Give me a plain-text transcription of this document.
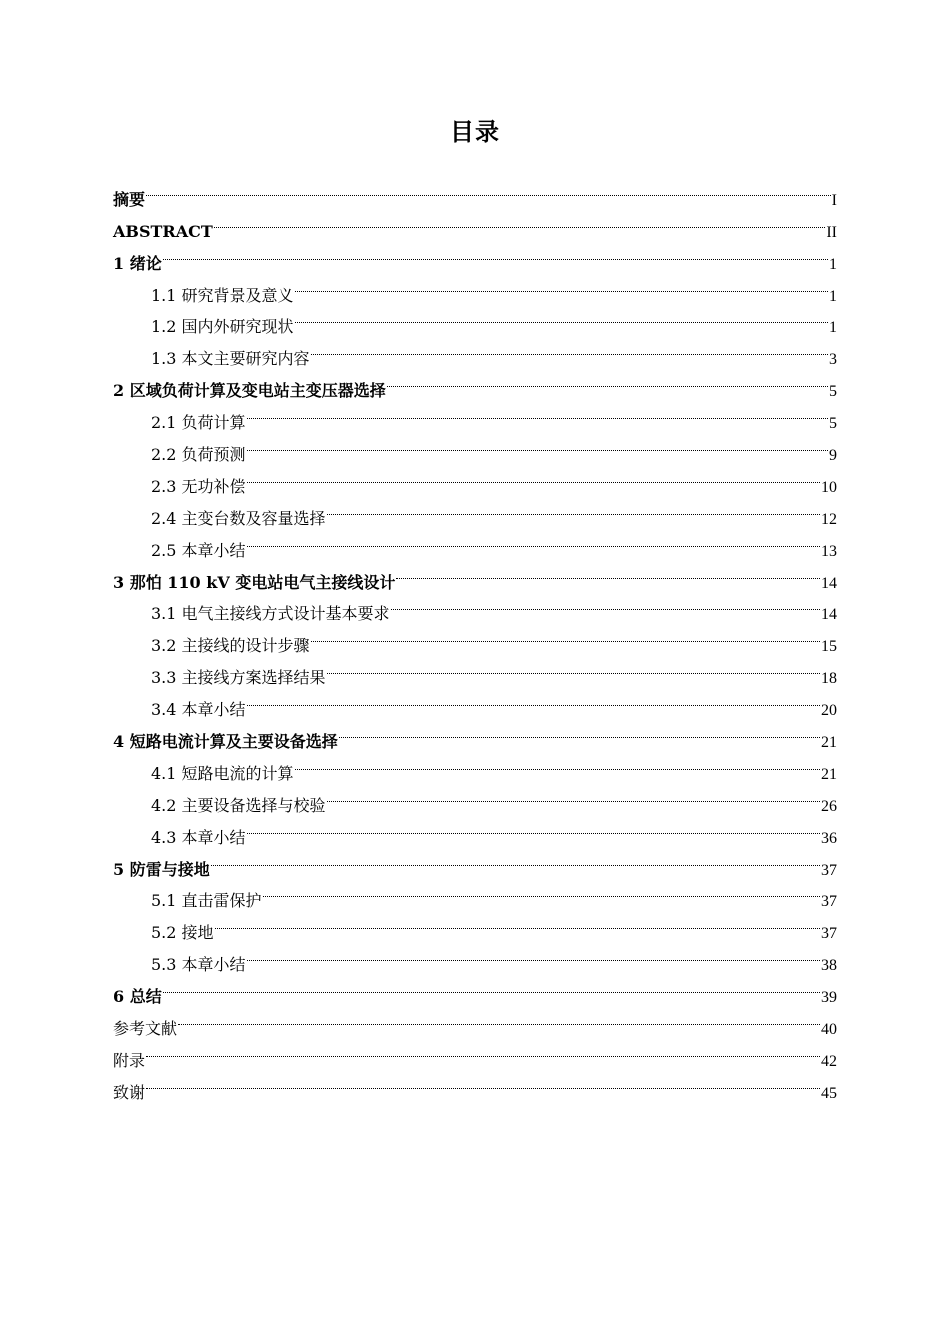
目录
摘要	I
ABSTRACT	II
1 绪论	1
1.1 研究背景及意义	1
1.2 国内外研究现状	1
1.3 本文主要研究内容	3
2 区域负荷计算及变电站主变压器选择	5
2.1 负荷计算	5
2.2 负荷预测	9
2.3 无功补偿	10
2.4 主变台数及容量选择	12
2.5 本章小结	13
3 那怕 110 kV 变电站电气主接线设计	14
3.1 电气主接线方式设计基本要求	14
3.2 主接线的设计步骤	15
3.3 主接线方案选择结果	18
3.4 本章小结	20
4 短路电流计算及主要设备选择	21
4.1 短路电流的计算	21
4.2 主要设备选择与校验	26
4.3 本章小结	36
5 防雷与接地	37
5.1 直击雷保护	37
5.2 接地	37
5.3 本章小结	38
6 总结	39
参考文献	40
附录	42
致谢	45
